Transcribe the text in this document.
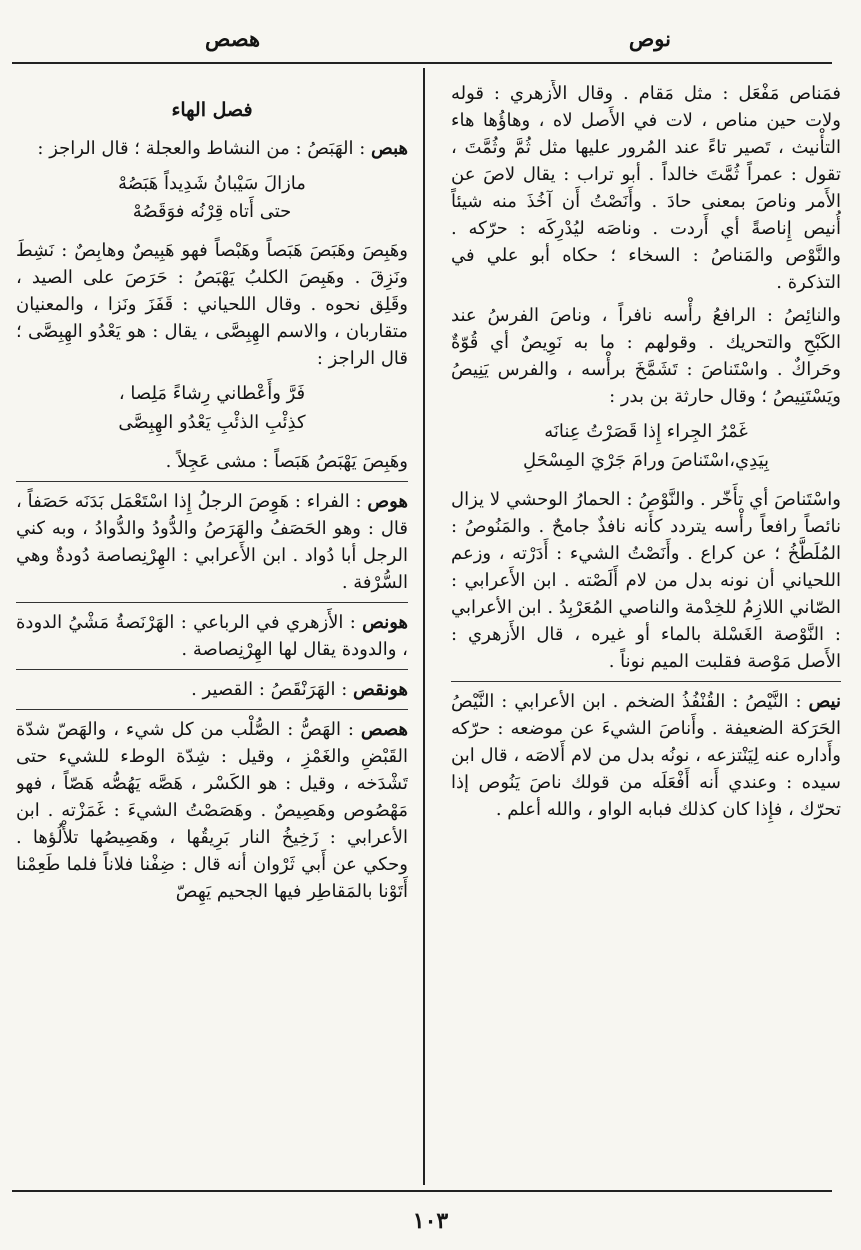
نوص
هصص

فمَناص مَفْعَل : مثل مَقام . وقال الأَزهري : قوله ولات حين مناص ، لات في الأَصل لاه ، وهاؤُها هاء التأْنيث ، تَصير تاءً عند المُرور عليها مثل ثُمَّ وثُمَّتَ ، تقول : عمراً ثُمَّتَ خالداً . أبو تراب : يقال لاصَ عن الأَمر وناصَ بمعنى حادَ . وأَنَصْتُ أَن آخُذَ منه شيئاً أُنيص إِناصةً أي أَردت . وناصَه ليُدْرِكَه : حرّكه . والنَّوْص والمَناصُ : السخاء ؛ حكاه أبو علي في التذكرة .

والنائِصُ : الرافعُ رأْسه نافراً ، وناصَ الفرسُ عند الكَبْحِ والتحريك . وقولهم : ما به نَوِيصٌ أي قُوّةٌ وحَراكٌ . واسْتَناصَ : تَشَمَّخَ برأْسه ، والفرس يَنِيصُ ويَسْتَنِيصُ ؛ وقال حارثة بن بدر :

غَمْرُ الجِراء إِذا قَصَرْتُ عِنانَه
بِيَدِي،اسْتَناصَ ورامَ جَرْيَ المِسْحَلِ

واسْتَناصَ أي تأَخّر . والنَّوْصُ : الحمارُ الوحشي لا يزال نائصاً رافعاً رأْسه يتردد كأَنه نافذٌ جامحٌ . والمَنُوصُ : المُلَطَّخُ ؛ عن كراع . وأَنَصْتُ الشيء : أَدَرْته ، وزعم اللحياني أن نونه بدل من لام أَلَصْته . ابن الأَعرابي : الصّاني اللازِمُ للخِدْمة والناصي المُعَرْبِدُ . ابن الأعرابي : النَّوْصة الغَسْلة بالماء أو غيره ، قال الأَزهري : الأَصل مَوْصة فقلبت الميم نوناً .

نيص : النَّيْصُ : القُنْفُذُ الضخم . ابن الأعرابي : النَّيْصُ الحَرَكة الضعيفة . وأَناصَ الشيءَ عن موضعه : حرّكه وأَداره عنه لِيَنْتزعه ، نونُه بدل من لام أَلاصَه ، قال ابن سيده : وعندي أَنه أَفْعَلَه من قولك ناصَ يَنُوص إذا تحرّك ، فإِذا كان كذلك فبابه الواو ، والله أعلم .

فصل الهاء

هبص : الهَبَصُ : من النشاط والعجلة ؛ قال الراجز :

مازالَ سَيْبانُ شَدِيداً هَبَصُهْ
حتى أَتاه قِرْنُه فوَقَصُهْ

وهَبِصَ وهَبَصَ هَبَصاً وهَبْصاً فهو هَبِيصٌ وهابِصٌ : نَشِطَ ونَزِقَ . وهَبِصَ الكلبُ يَهْبَصُ : حَرَصَ على الصيد ، وقَلِق نحوه . وقال اللحياني : قَفَزَ ونَزا ، والمعنيان متقاربان ، والاسم الهِبِصَّى ، يقال : هو يَعْدُو الهِبِصَّى ؛ قال الراجز :

فَرَّ وأَعْطاني رِشاءً مَلِصا ،
كذِئْبِ الذئْبِ يَعْدُو الهِبِصَّى

وهَبِصَ يَهْبَصُ هَبَصاً : مشى عَجِلاً .

هوص : الفراء : هَوِصَ الرجلُ إِذا اسْتَعْمَل بَدَنَه حَصَفاً ، قال : وهو الحَصَفُ والهَرَصُ والدُّودُ والدُّوادُ ، وبه كني الرجل أبا دُواد . ابن الأَعرابي : الهِرْنِصاصة دُودةٌ وهي السُّرْفة .

هونص : الأَزهري في الرباعي : الهَرْنَصةُ مَشْيُ الدودة ، والدودة يقال لها الهِرْنِصاصة .

هونقص : الهَرَنْقَصُ : القصير .

هصص : الهَصُّ : الصُّلْب من كل شيء ، والهَصّ شدّة القَبْضِ والغَمْزِ ، وقيل : شِدّة الوطء للشيء حتى تَشْدَخه ، وقيل : هو الكَسْر ، هَصَّه يَهُصُّه هَصّاً ، فهو مَهْصُوص وهَصِيصٌ . وهَصَصْتُ الشيءَ : غَمَزْته . ابن الأعرابي : زَخِيخُ النار بَرِيقُها ، وهَصِيصُها تلأْلُؤها . وحكي عن أَبي ثَرْوان أنه قال : ضِفْنا فلاناً فلما طَعِمْنا أَتَوْنا بالمَقاطِر فيها الجحيم يَهِصّ

١٠٣
